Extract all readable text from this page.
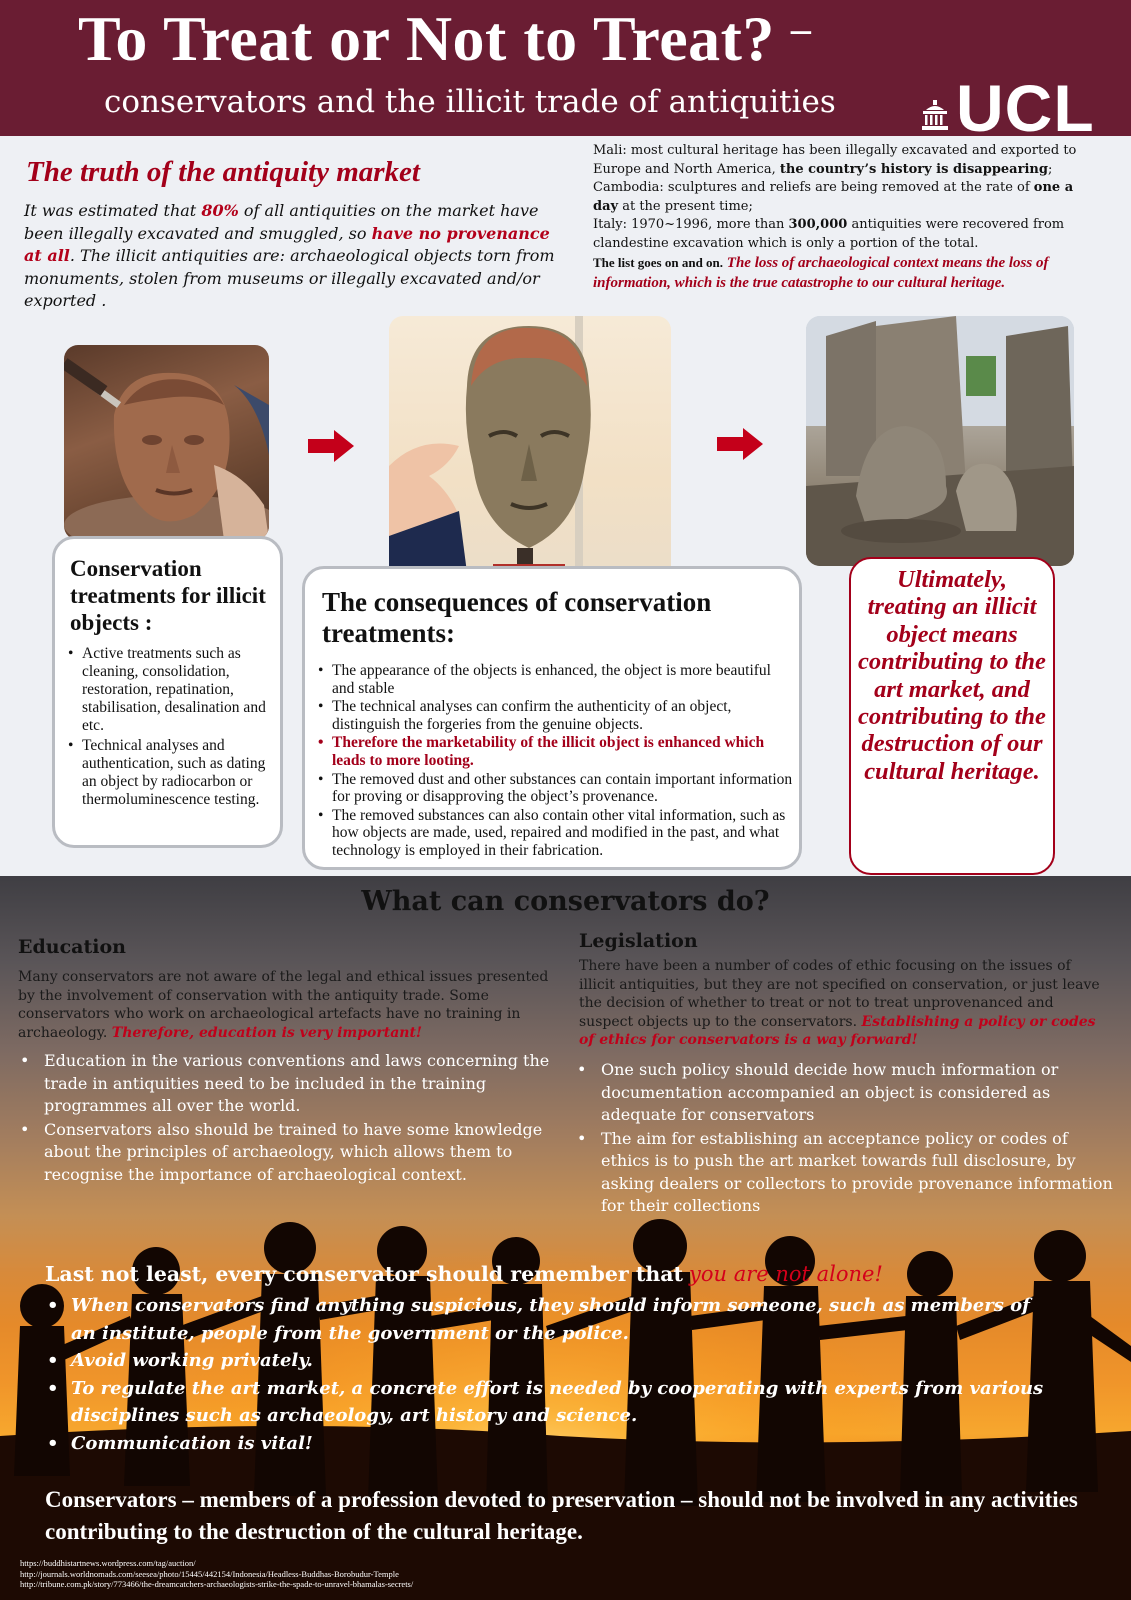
To Treat or Not to Treat? –
conservators and the illicit trade of antiquities UCL
The truth of the antiquity market
It was estimated that 80% of all antiquities on the market have been illegally excavated and smuggled, so have no provenance at all. The illicit antiquities are: archaeological objects torn from monuments, stolen from museums or illegally excavated and/or exported .

Mali: most cultural heritage has been illegally excavated and exported to Europe and North America, the country’s history is disappearing;

Cambodia: sculptures and reliefs are being removed at the rate of one a day at the present time;

Italy: 1970~1996, more than 300,000 antiquities were recovered from clandestine excavation which is only a portion of the total.

The list goes on and on. The loss of archaeological context means the loss of information, which is the true catastrophe to our cultural heritage.

Conservation treatments for illicit objects :
• Active treatments such as cleaning, consolidation, restoration, repatination, stabilisation, desalination and etc.
• Technical analyses and authentication, such as dating an object by radiocarbon or thermoluminescence testing.
The consequences of conservation treatments:
• The appearance of the objects is enhanced, the object is more beautiful and stable
• The technical analyses can confirm the authenticity of an object, distinguish the forgeries from the genuine objects.
• Therefore the marketability of the illicit object is enhanced which leads to more looting.
• The removed dust and other substances can contain important information for proving or disapproving the object’s provenance.
• The removed substances can also contain other vital information, such as how objects are made, used, repaired and modified in the past, and what technology is employed in their fabrication.
Ultimately, treating an illicit object means contributing to the art market, and contributing to the destruction of our cultural heritage.
What can conservators do?
Education
Many conservators are not aware of the legal and ethical issues presented by the involvement of conservation with the antiquity trade. Some conservators who work on archaeological artefacts have no training in archaeology. Therefore, education is very important!
• Education in the various conventions and laws concerning the trade in antiquities need to be included in the training programmes all over the world.
• Conservators also should be trained to have some knowledge about the principles of archaeology, which allows them to recognise the importance of archaeological context.
Legislation
There have been a number of codes of ethic focusing on the issues of illicit antiquities, but they are not specified on conservation, or just leave the decision of whether to treat or not to treat unprovenanced and suspect objects up to the conservators. Establishing a policy or codes of ethics for conservators is a way forward!
• One such policy should decide how much information or documentation accompanied an object is considered as adequate for conservators
• The aim for establishing an acceptance policy or codes of ethics is to push the art market towards full disclosure, by asking dealers or collectors to provide provenance information for their collections
Last not least, every conservator should remember that you are not alone!
• When conservators find anything suspicious, they should inform someone, such as members of an institute, people from the government or the police.
• Avoid working privately.
• To regulate the art market, a concrete effort is needed by cooperating with experts from various disciplines such as archaeology, art history and science.
• Communication is vital!
Conservators – members of a profession devoted to preservation – should not be involved in any activities contributing to the destruction of the cultural heritage.
https://buddhistartnews.wordpress.com/tag/auction/
http://journals.worldnomads.com/seesea/photo/15445/442154/Indonesia/Headless-Buddhas-Borobudur-Temple
http://tribune.com.pk/story/773466/the-dreamcatchers-archaeologists-strike-the-spade-to-unravel-bhamalas-secrets/
